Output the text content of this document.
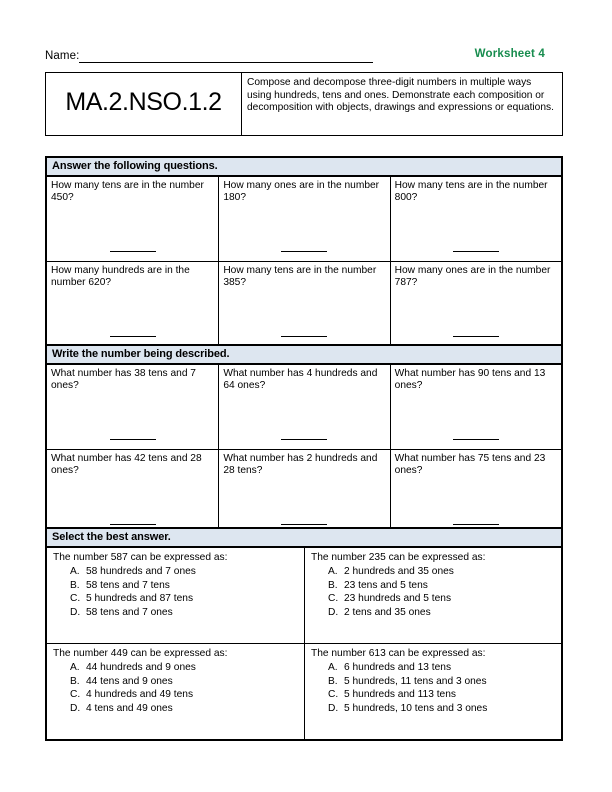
Name:	Worksheet 4
MA.2.NSO.1.2
Compose and decompose three-digit numbers in multiple ways using hundreds, tens and ones. Demonstrate each composition or decomposition with objects, drawings and expressions or equations.
Answer the following questions.
How many tens are in the number 450?
How many ones are in the number 180?
How many tens are in the number 800?
How many hundreds are in the number 620?
How many tens are in the number 385?
How many ones are in the number 787?
Write the number being described.
What number has 38 tens and 7 ones?
What number has 4 hundreds and 64 ones?
What number has 90 tens and 13 ones?
What number has 42 tens and 28 ones?
What number has 2 hundreds and 28 tens?
What number has 75 tens and 23 ones?
Select the best answer.
The number 587 can be expressed as:
A. 58 hundreds and 7 ones
B. 58 tens and 7 tens
C. 5 hundreds and 87 tens
D. 58 tens and 7 ones
The number 235 can be expressed as:
A. 2 hundreds and 35 ones
B. 23 tens and 5 tens
C. 23 hundreds and 5 tens
D. 2 tens and 35 ones
The number 449 can be expressed as:
A. 44 hundreds and 9 ones
B. 44 tens and 9 ones
C. 4 hundreds and 49 tens
D. 4 tens and 49 ones
The number 613 can be expressed as:
A. 6 hundreds and 13 tens
B. 5 hundreds, 11 tens and 3 ones
C. 5 hundreds and 113 tens
D. 5 hundreds, 10 tens and 3 ones
